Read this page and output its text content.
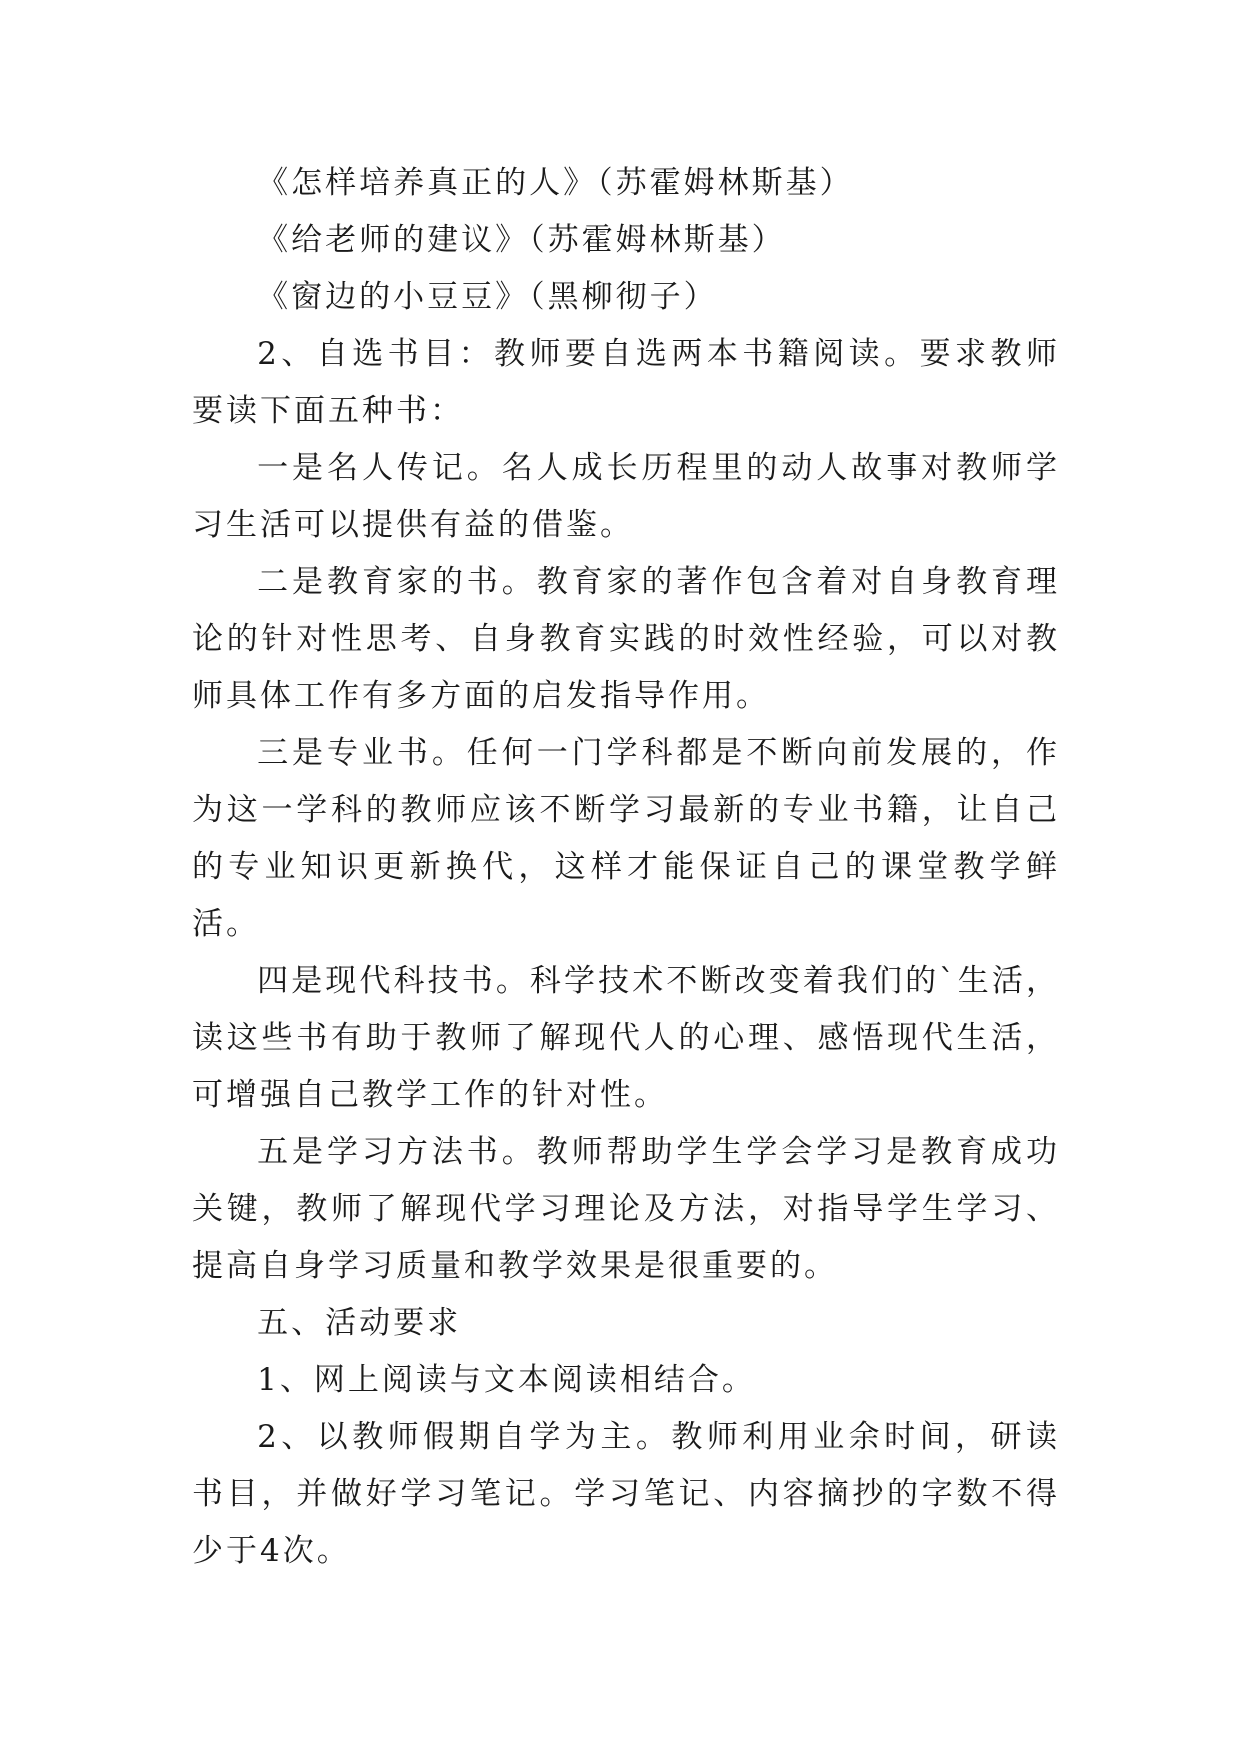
《怎样培养真正的人》（苏霍姆林斯基）

《给老师的建议》（苏霍姆林斯基）

《窗边的小豆豆》（黑柳彻子）

2、自选书目：教师要自选两本书籍阅读。要求教师要读下面五种书：

一是名人传记。名人成长历程里的动人故事对教师学习生活可以提供有益的借鉴。

二是教育家的书。教育家的著作包含着对自身教育理论的针对性思考、自身教育实践的时效性经验，可以对教师具体工作有多方面的启发指导作用。

三是专业书。任何一门学科都是不断向前发展的，作为这一学科的教师应该不断学习最新的专业书籍，让自己的专业知识更新换代，这样才能保证自己的课堂教学鲜活。

四是现代科技书。科学技术不断改变着我们的`生活，读这些书有助于教师了解现代人的心理、感悟现代生活，可增强自己教学工作的针对性。

五是学习方法书。教师帮助学生学会学习是教育成功关键，教师了解现代学习理论及方法，对指导学生学习、提高自身学习质量和教学效果是很重要的。

五、活动要求

1、网上阅读与文本阅读相结合。

2、以教师假期自学为主。教师利用业余时间，研读书目，并做好学习笔记。学习笔记、内容摘抄的字数不得少于4次。
